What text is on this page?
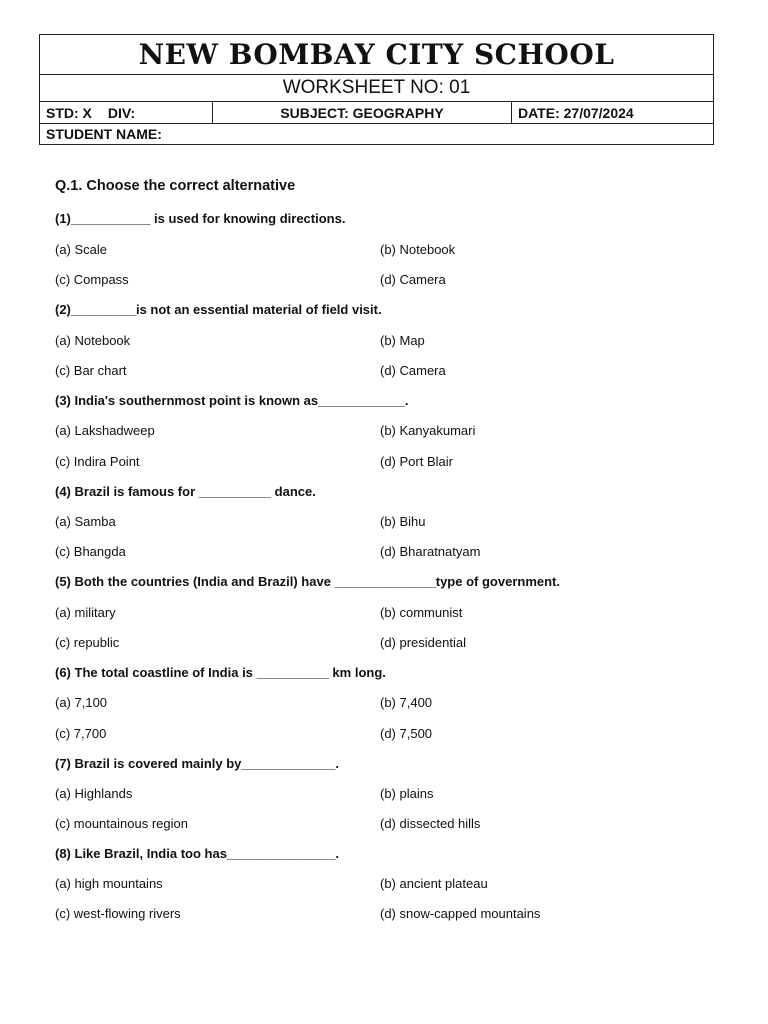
NEW BOMBAY CITY SCHOOL
WORKSHEET NO: 01
STD: X DIV:	SUBJECT: GEOGRAPHY	DATE: 27/07/2024
STUDENT NAME:
Q.1. Choose the correct alternative
(1)___________ is used for knowing directions.
(a) Scale	(b) Notebook
(c) Compass	(d) Camera
(2)_________is not an essential material of field visit.
(a) Notebook	(b) Map
(c) Bar chart	(d) Camera
(3) India's southernmost point is known as____________.
(a) Lakshadweep	(b) Kanyakumari
(c) Indira Point	(d) Port Blair
(4) Brazil is famous for __________ dance.
(a) Samba	(b) Bihu
(c) Bhangda	(d) Bharatnatyam
(5) Both the countries (India and Brazil) have ______________type of government.
(a) military	(b) communist
(c) republic	(d) presidential
(6) The total coastline of India is __________ km long.
(a) 7,100	(b) 7,400
(c) 7,700	(d) 7,500
(7) Brazil is covered mainly by_____________.
(a) Highlands	(b) plains
(c) mountainous region	(d) dissected hills
(8) Like Brazil, India too has_______________.
(a) high mountains	(b) ancient plateau
(c) west-flowing rivers	(d) snow-capped mountains
